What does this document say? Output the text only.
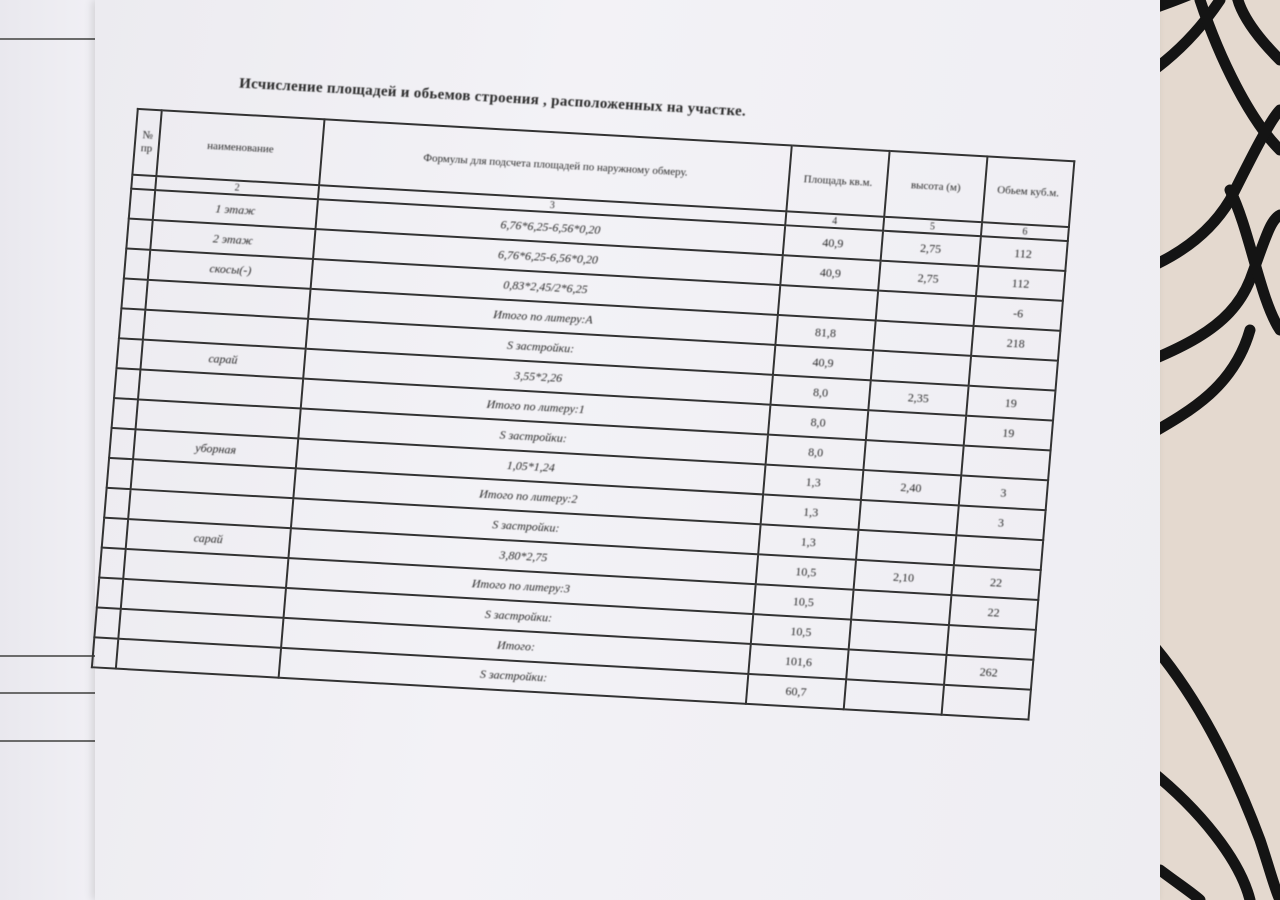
Исчисление площадей и обьемов строения , расположенных на участке.
№ пр	наименование	Формулы для подсчета площадей по наружному обмеру.	Площадь кв.м.	высота (м)	Обьем куб.м.
	2	3	4	5	6
	1 этаж	6,76*6,25-6,56*0,20	40,9	2,75	112
	2 этаж	6,76*6,25-6,56*0,20	40,9	2,75	112
	скосы(-)	0,83*2,45/2*6,25			-6
		Итого по литеру:А	81,8		218
		S застройки:	40,9		
	сарай	3,55*2,26	8,0	2,35	19
		Итого по литеру:1	8,0		19
		S застройки:	8,0		
	уборная	1,05*1,24	1,3	2,40	3
		Итого по литеру:2	1,3		3
		S застройки:	1,3		
	сарай	3,80*2,75	10,5	2,10	22
		Итого по литеру:3	10,5		22
		S застройки:	10,5		
		Итого:	101,6		262
		S застройки:	60,7		
